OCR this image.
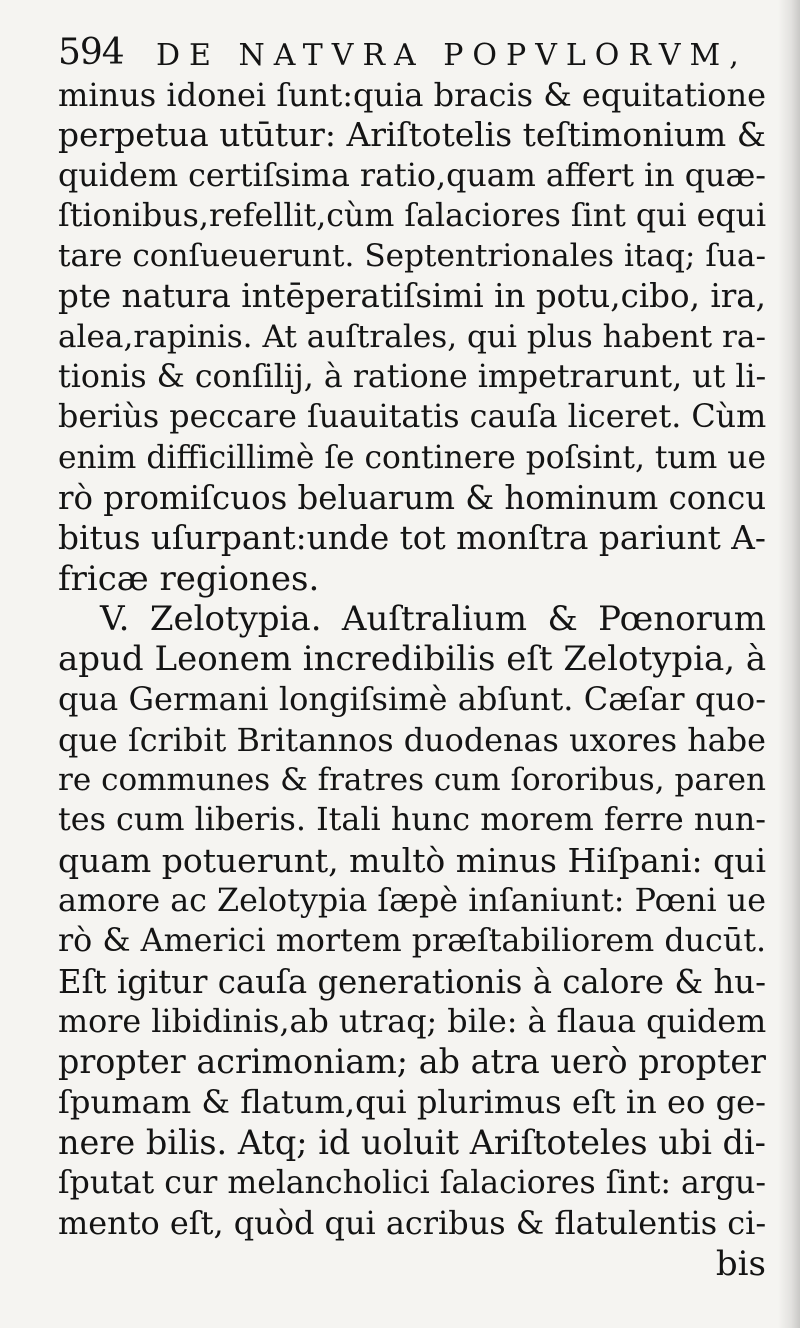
594 DE NATVRA POPVLORVM,
minus idonei ſunt:quia bracis & equitatione
perpetua utūtur: Ariſtotelis teſtimonium &
quidem certiſsima ratio,quam affert in quæ-
ſtionibus,refellit,cùm ſalaciores ſint qui equi
tare conſueuerunt. Septentrionales itaq; ſua-
pte natura intēperatiſsimi in potu,cibo, ira,
alea,rapinis. At auſtrales, qui plus habent ra-
tionis & conſilij, à ratione impetrarunt, ut li-
beriùs peccare ſuauitatis cauſa liceret. Cùm
enim difficillimè ſe continere poſsint, tum ue
rò promiſcuos beluarum & hominum concu
bitus uſurpant:unde tot monſtra pariunt A-
fricæ regiones.
V. Zelotypia. Auſtralium & Pœnorum
apud Leonem incredibilis eſt Zelotypia, à
qua Germani longiſsimè abſunt. Cæſar quo-
que ſcribit Britannos duodenas uxores habe
re communes & fratres cum ſororibus, paren
tes cum liberis. Itali hunc morem ferre nun-
quam potuerunt, multò minus Hiſpani: qui
amore ac Zelotypia ſæpè inſaniunt: Pœni ue
rò & Americi mortem præſtabiliorem ducūt.
Eſt igitur cauſa generationis à calore & hu-
more libidinis,ab utraq; bile: à flaua quidem
propter acrimoniam; ab atra uerò propter
ſpumam & flatum,qui plurimus eſt in eo ge-
nere bilis. Atq; id uoluit Ariſtoteles ubi di-
ſputat cur melancholici ſalaciores ſint: argu-
mento eſt, quòd qui acribus & flatulentis ci-
bis
